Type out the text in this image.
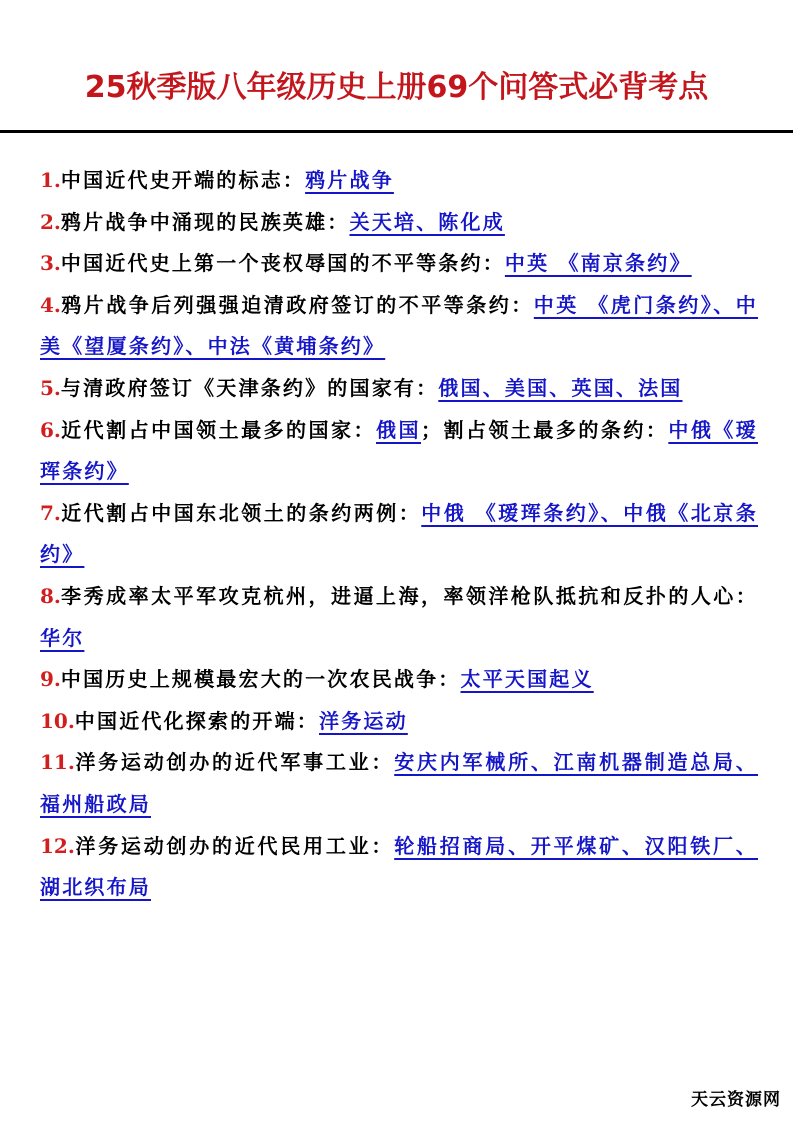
25秋季版八年级历史上册69个问答式必背考点
1.中国近代史开端的标志：鸦片战争
2.鸦片战争中涌现的民族英雄：关天培、陈化成
3.中国近代史上第一个丧权辱国的不平等条约：中英 《南京条约》
4.鸦片战争后列强强迫清政府签订的不平等条约：中英 《虎门条约》、中美《望厦条约》、中法《黄埔条约》
5.与清政府签订《天津条约》的国家有：俄国、美国、英国、法国
6.近代割占中国领土最多的国家：俄国；割占领土最多的条约：中俄《瑷珲条约》
7.近代割占中国东北领土的条约两例：中俄 《瑷珲条约》、中俄《北京条约》
8.李秀成率太平军攻克杭州，进逼上海，率领洋枪队抵抗和反扑的人心：华尔
9.中国历史上规模最宏大的一次农民战争：太平天国起义
10.中国近代化探索的开端：洋务运动
11.洋务运动创办的近代军事工业：安庆内军械所、江南机器制造总局、福州船政局
12.洋务运动创办的近代民用工业：轮船招商局、开平煤矿、汉阳铁厂、湖北织布局
天云资源网
